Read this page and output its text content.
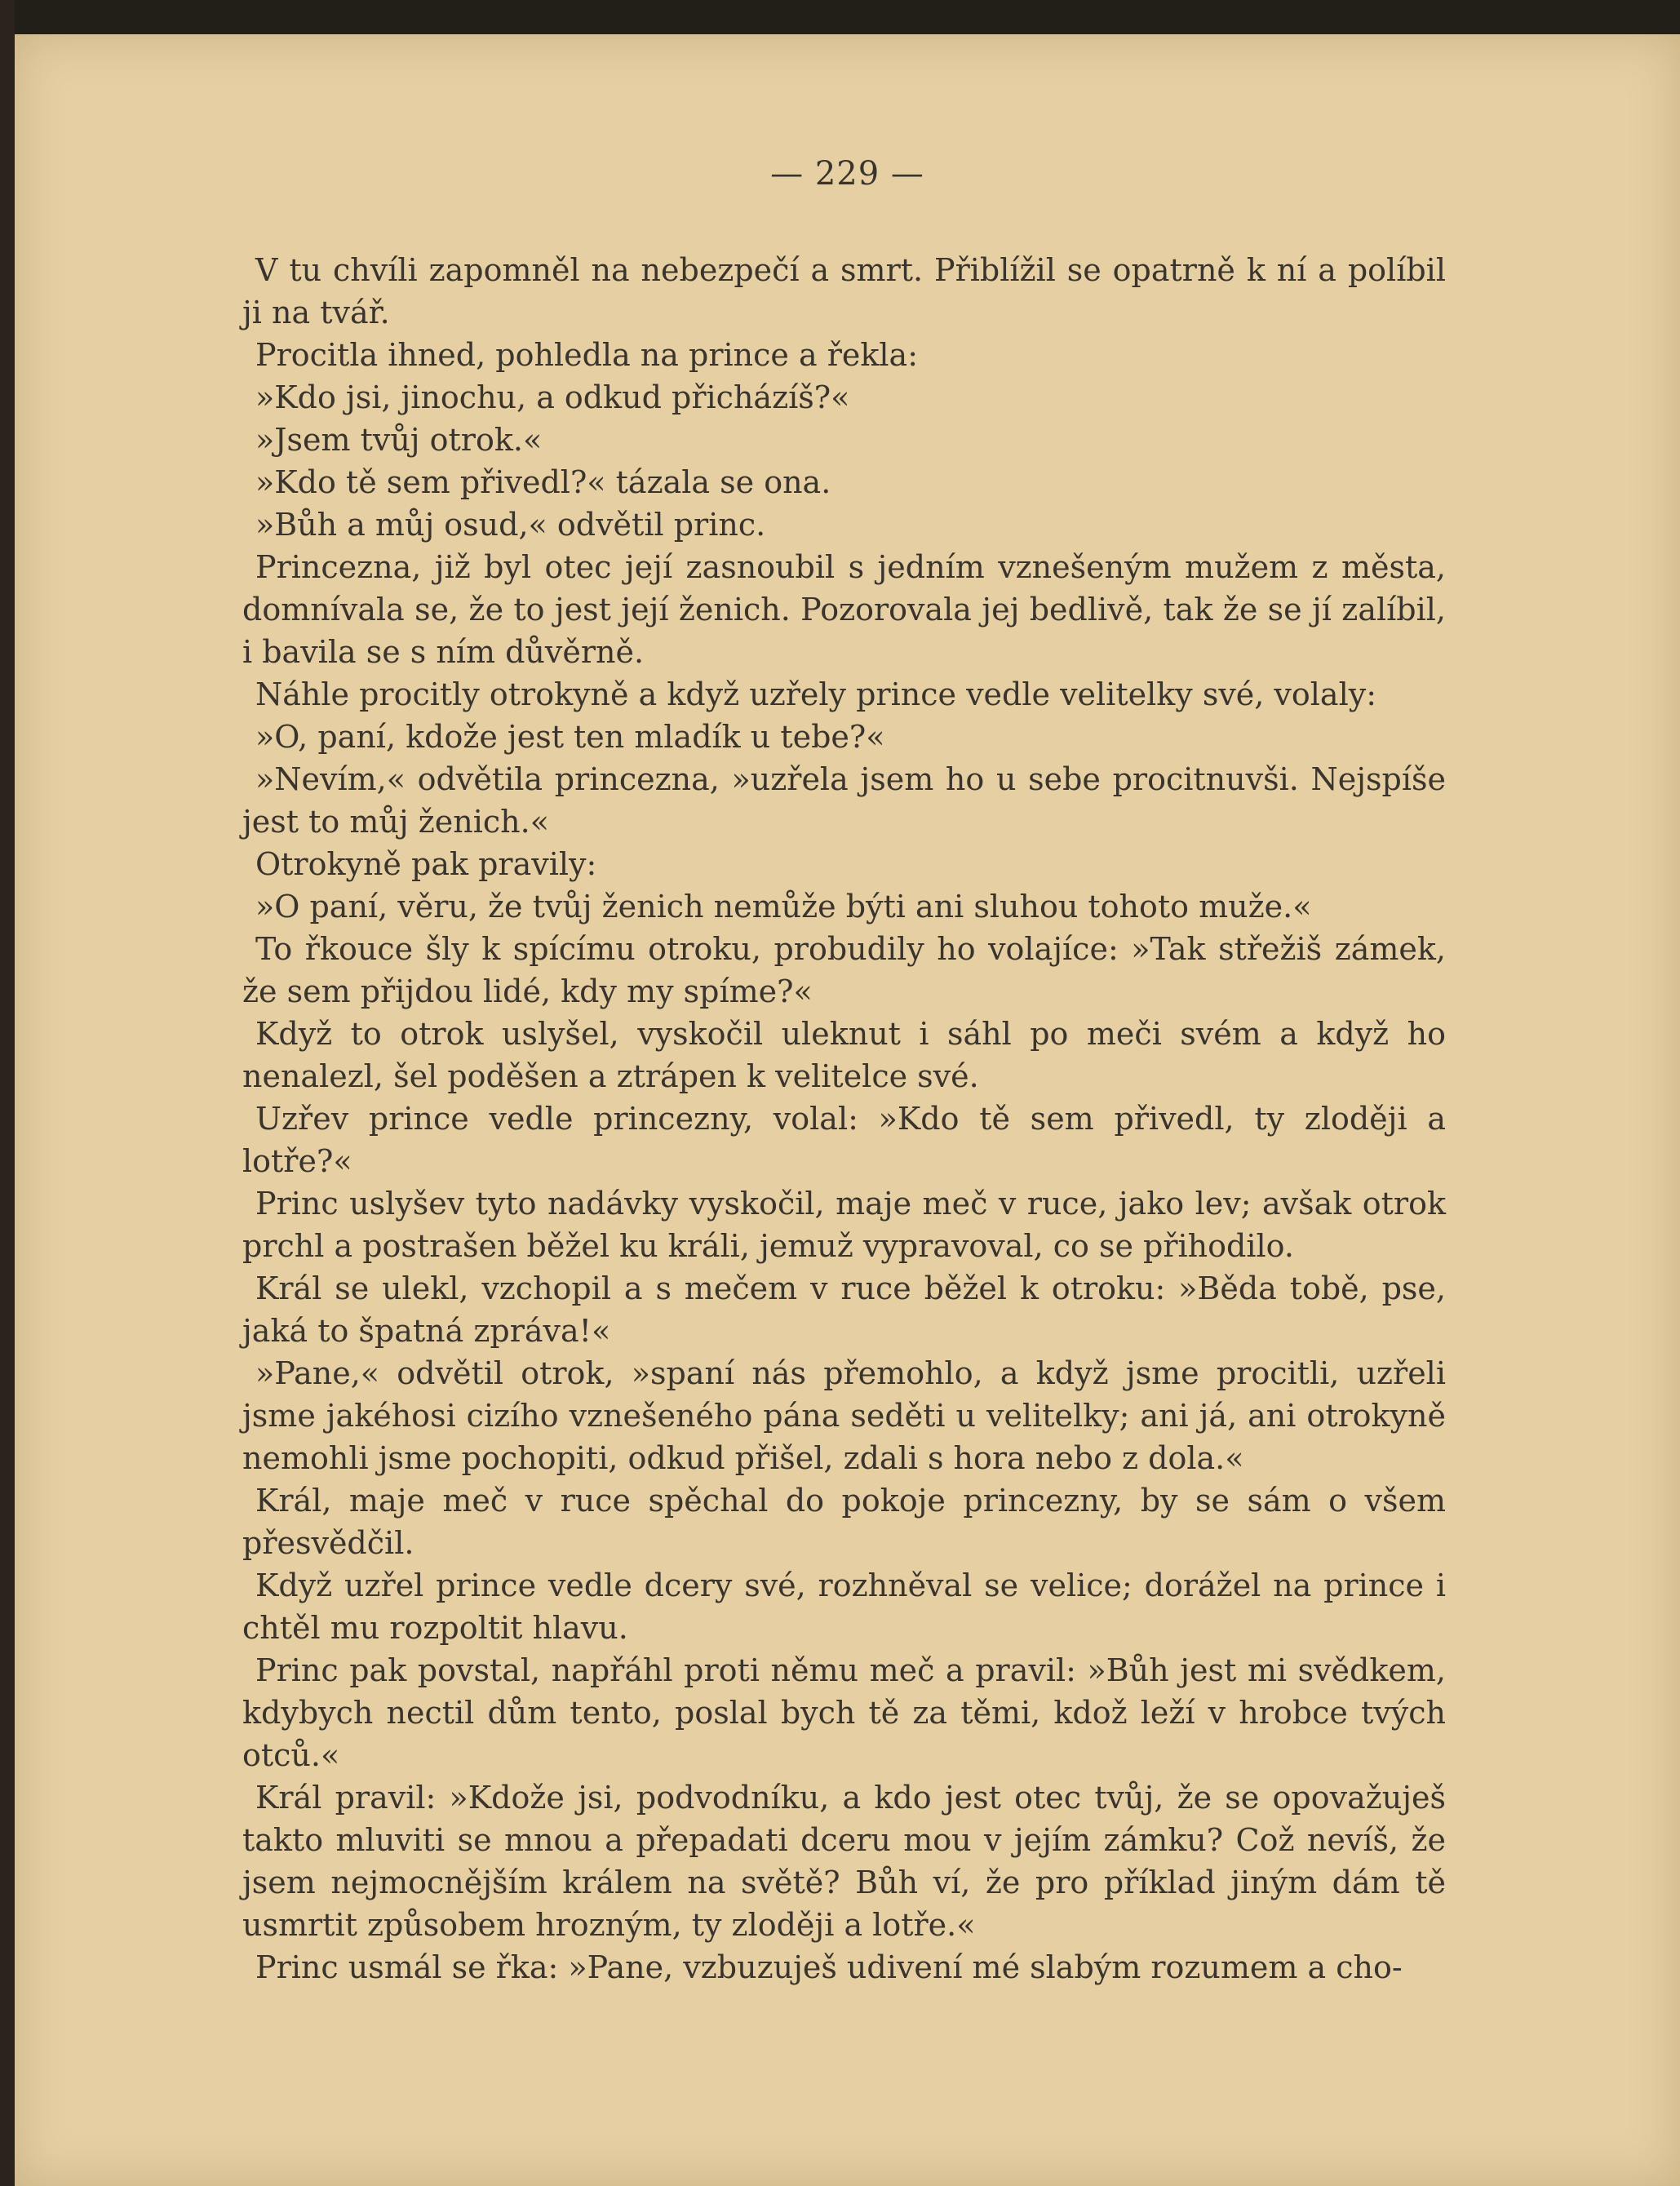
— 229 —

V tu chvíli zapomněl na nebezpečí a smrt. Přiblížil se opatrně k ní a políbil ji na tvář.

Procitla ihned, pohledla na prince a řekla:

»Kdo jsi, jinochu, a odkud přicházíš?«

»Jsem tvůj otrok.«

»Kdo tě sem přivedl?« tázala se ona.

»Bůh a můj osud,« odvětil princ.

Princezna, již byl otec její zasnoubil s jedním vznešeným mužem z města, domnívala se, že to jest její ženich. Pozorovala jej bedlivě, tak že se jí zalíbil, i bavila se s ním důvěrně.

Náhle procitly otrokyně a když uzřely prince vedle velitelky své, volaly:

»O, paní, kdože jest ten mladík u tebe?«

»Nevím,« odvětila princezna, »uzřela jsem ho u sebe procitnuvši. Nejspíše jest to můj ženich.«

Otrokyně pak pravily:

»O paní, věru, že tvůj ženich nemůže býti ani sluhou tohoto muže.«

To řkouce šly k spícímu otroku, probudily ho volajíce: »Tak střežiš zámek, že sem přijdou lidé, kdy my spíme?«

Když to otrok uslyšel, vyskočil uleknut i sáhl po meči svém a když ho nenalezl, šel poděšen a ztrápen k velitelce své.

Uzřev prince vedle princezny, volal: »Kdo tě sem přivedl, ty zloději a lotře?«

Princ uslyšev tyto nadávky vyskočil, maje meč v ruce, jako lev; avšak otrok prchl a postrašen běžel ku králi, jemuž vypravoval, co se přihodilo.

Král se ulekl, vzchopil a s mečem v ruce běžel k otroku: »Běda tobě, pse, jaká to špatná zpráva!«

»Pane,« odvětil otrok, »spaní nás přemohlo, a když jsme procitli, uzřeli jsme jakéhosi cizího vznešeného pána seděti u velitelky; ani já, ani otrokyně nemohli jsme pochopiti, odkud přišel, zdali s hora nebo z dola.«

Král, maje meč v ruce spěchal do pokoje princezny, by se sám o všem přesvědčil.

Když uzřel prince vedle dcery své, rozhněval se velice; dorážel na prince i chtěl mu rozpoltit hlavu.

Princ pak povstal, napřáhl proti němu meč a pravil: »Bůh jest mi svědkem, kdybych nectil dům tento, poslal bych tě za těmi, kdož leží v hrobce tvých otců.«

Král pravil: »Kdože jsi, podvodníku, a kdo jest otec tvůj, že se opovažuješ takto mluviti se mnou a přepadati dceru mou v jejím zámku? Což nevíš, že jsem nejmocnějším králem na světě? Bůh ví, že pro příklad jiným dám tě usmrtit způsobem hrozným, ty zloději a lotře.«

Princ usmál se řka: »Pane, vzbuzuješ udivení mé slabým rozumem a cho-
